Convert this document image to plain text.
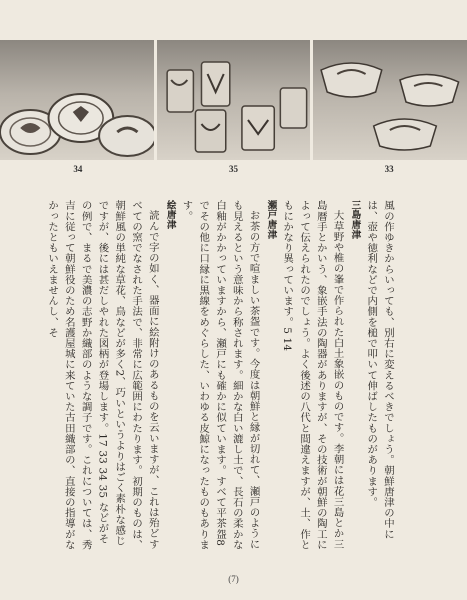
34	35	33

風の作ゆきからいっても、別右に変えるべきでしょう。朝鮮唐津の中には、壺や徳利などで内側を槌で叩いて伸ばしたものがあります。

三島唐津

大草野や椎の峯で作られた白土象嵌のものです。李朝には花三島とか三島暦手とかいう、象嵌手法の陶器がありますが、その技術が朝鮮の陶工によって伝えられたのでしょう。よく後述の八代と間違えますが、土、作ともにかなり異っています。5 14

瀬戸唐津

お茶の方で喧ましい茶盌です。今度は朝鮮と縁が切れて、瀬戸のようにも見えるという意味から称されます。細かな白い漉し土で、長石の柔かな白釉がかかっていますから、瀬戸にも確かに似ています。すべて平茶盌8でその他に口縁に黒線をめぐらした、いわゆる皮鯨になったものもあります。

絵唐津

読んで字の如く、器面に絵附けのあるものを云いますが、これは殆どすべての窯でなされた手法で、非常に広範囲にわたります。初期のものは、朝鮮風の単純な草花、鳥などが多く2、巧いというよりはごく素朴な感じですが、後には甚だしやれた図柄が登場します。17 33 34 35 などがその例で、まるで美濃の志野か織部のような調子です。これについては、秀吉に従って朝鮮役のため名護屋城に来ていた古田織部の、直接の指導がなかったともいえませんし、そ

(7)
